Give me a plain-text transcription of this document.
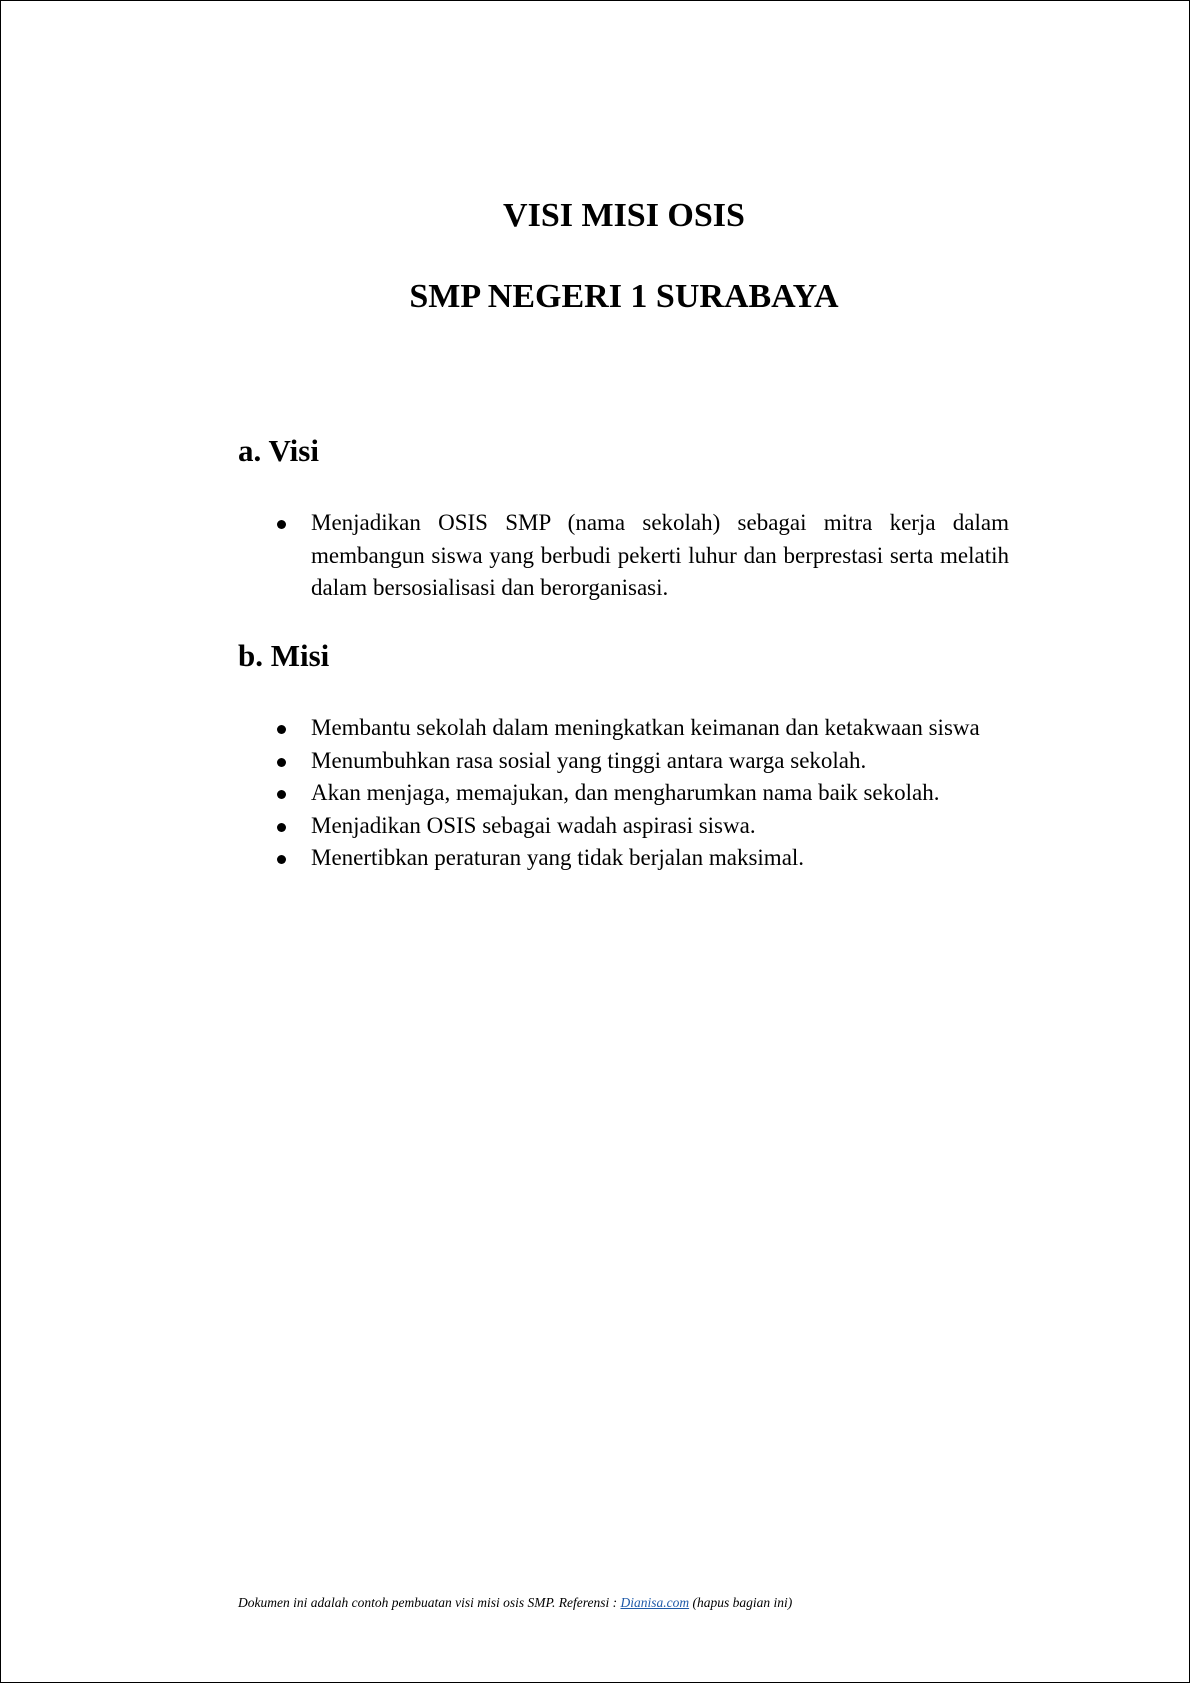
VISI MISI OSIS
SMP NEGERI 1 SURABAYA
a. Visi
Menjadikan OSIS SMP (nama sekolah) sebagai mitra kerja dalam membangun siswa yang berbudi pekerti luhur dan berprestasi serta melatih dalam bersosialisasi dan berorganisasi.
b. Misi
Membantu sekolah dalam meningkatkan keimanan dan ketakwaan siswa
Menumbuhkan rasa sosial yang tinggi antara warga sekolah.
Akan menjaga, memajukan, dan mengharumkan nama baik sekolah.
Menjadikan OSIS sebagai wadah aspirasi siswa.
Menertibkan peraturan yang tidak berjalan maksimal.
Dokumen ini adalah contoh pembuatan visi misi osis SMP. Referensi : Dianisa.com (hapus bagian ini)
